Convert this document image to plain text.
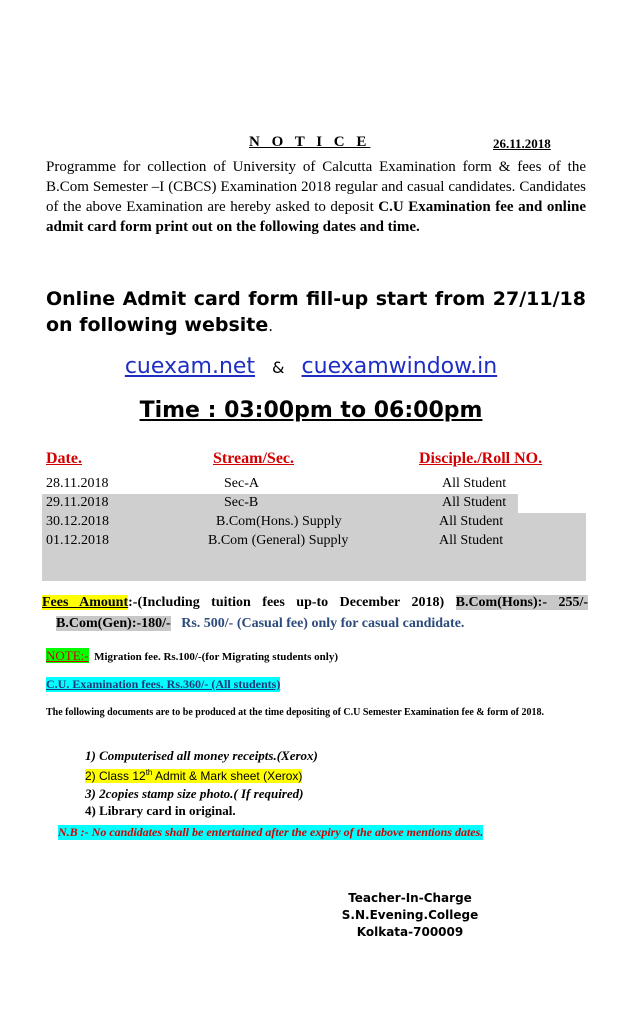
N O T I C E	26.11.2018
Programme for collection of University of Calcutta Examination form & fees of the B.Com Semester –I (CBCS) Examination 2018 regular and casual candidates. Candidates of the above Examination are hereby asked to deposit C.U Examination fee and online admit card form print out on the following dates and time.
Online Admit card form fill-up start from 27/11/18 on following website.
cuexam.net & cuexamwindow.in
Time : 03:00pm to 06:00pm
Date.	Stream/Sec.	Disciple./Roll NO.
28.11.2018	Sec-A	All Student
29.11.2018	Sec-B	All Student
30.12.2018	B.Com(Hons.) Supply	All Student
01.12.2018	B.Com (General) Supply	All Student
Fees Amount:-(Including tuition fees up-to December 2018) B.Com(Hons):- 255/-     B.Com(Gen):-180/- Rs. 500/- (Casual fee) only for casual candidate.
NOTE:- Migration fee. Rs.100/-(for Migrating students only)
C.U. Examination fees. Rs.360/- (All students)
The following documents are to be produced at the time depositing of C.U Semester Examination fee & form of 2018.
1) Computerised all money receipts.(Xerox)
2) Class 12th Admit & Mark sheet (Xerox)
3) 2copies stamp size photo.( If required)
4) Library card in original.
N.B :- No candidates shall be entertained after the expiry of the above mentions dates.
Teacher-In-Charge
S.N.Evening.College
Kolkata-700009
